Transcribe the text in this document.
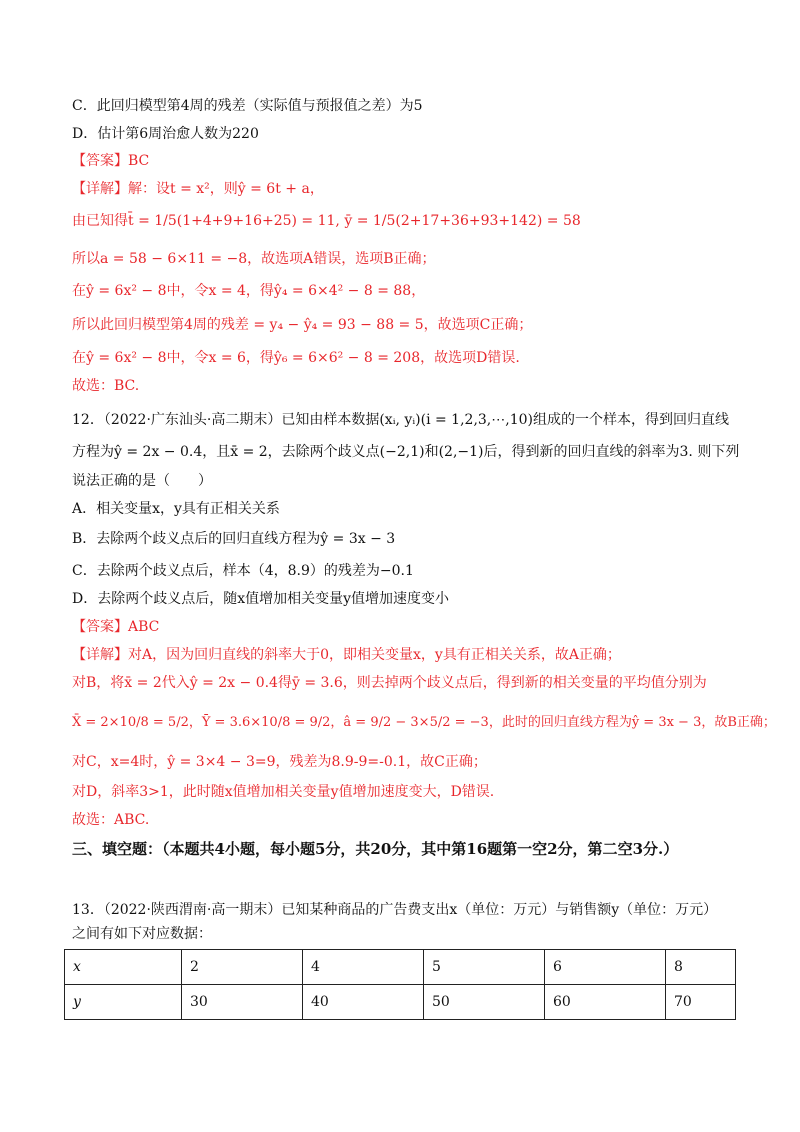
C．此回归模型第4周的残差（实际值与预报值之差）为5
D．估计第6周治愈人数为220
【答案】BC
【详解】解：设t = x²，则ŷ = 6t + a，
由已知得t̄ = 1/5(1+4+9+16+25) = 11, ȳ = 1/5(2+17+36+93+142) = 58
所以a = 58 − 6×11 = −8，故选项A错误，选项B正确；
在ŷ = 6x² − 8中，令x = 4，得ŷ₄ = 6×4² − 8 = 88，
所以此回归模型第4周的残差 = y₄ − ŷ₄ = 93 − 88 = 5，故选项C正确；
在ŷ = 6x² − 8中，令x = 6，得ŷ₆ = 6×6² − 8 = 208，故选项D错误.
故选：BC.
12．（2022·广东汕头·高二期末）已知由样本数据(xᵢ, yᵢ)(i = 1,2,3,⋯,10)组成的一个样本，得到回归直线
方程为ŷ = 2x − 0.4，且x̄ = 2，去除两个歧义点(−2,1)和(2,−1)后，得到新的回归直线的斜率为3. 则下列
说法正确的是（　　）
A．相关变量x，y具有正相关关系
B．去除两个歧义点后的回归直线方程为ŷ = 3x − 3
C．去除两个歧义点后，样本（4，8.9）的残差为−0.1
D．去除两个歧义点后，随x值增加相关变量y值增加速度变小
【答案】ABC
【详解】对A，因为回归直线的斜率大于0，即相关变量x，y具有正相关关系，故A正确；
对B，将x̄ = 2代入ŷ = 2x − 0.4得ȳ = 3.6，则去掉两个歧义点后，得到新的相关变量的平均值分别为
X̄ = 2×10/8 = 5/2，Ȳ = 3.6×10/8 = 9/2，â = 9/2 − 3×5/2 = −3，此时的回归直线方程为ŷ = 3x − 3，故B正确；
对C，x=4时，ŷ = 3×4 − 3=9，残差为8.9-9=-0.1，故C正确；
对D，斜率3>1，此时随x值增加相关变量y值增加速度变大，D错误.
故选：ABC.
三、填空题：（本题共4小题，每小题5分，共20分，其中第16题第一空2分，第二空3分.）
13．（2022·陕西渭南·高一期末）已知某种商品的广告费支出x（单位：万元）与销售额y（单位：万元）
之间有如下对应数据：
x	2	4	5	6	8
y	30	40	50	60	70
